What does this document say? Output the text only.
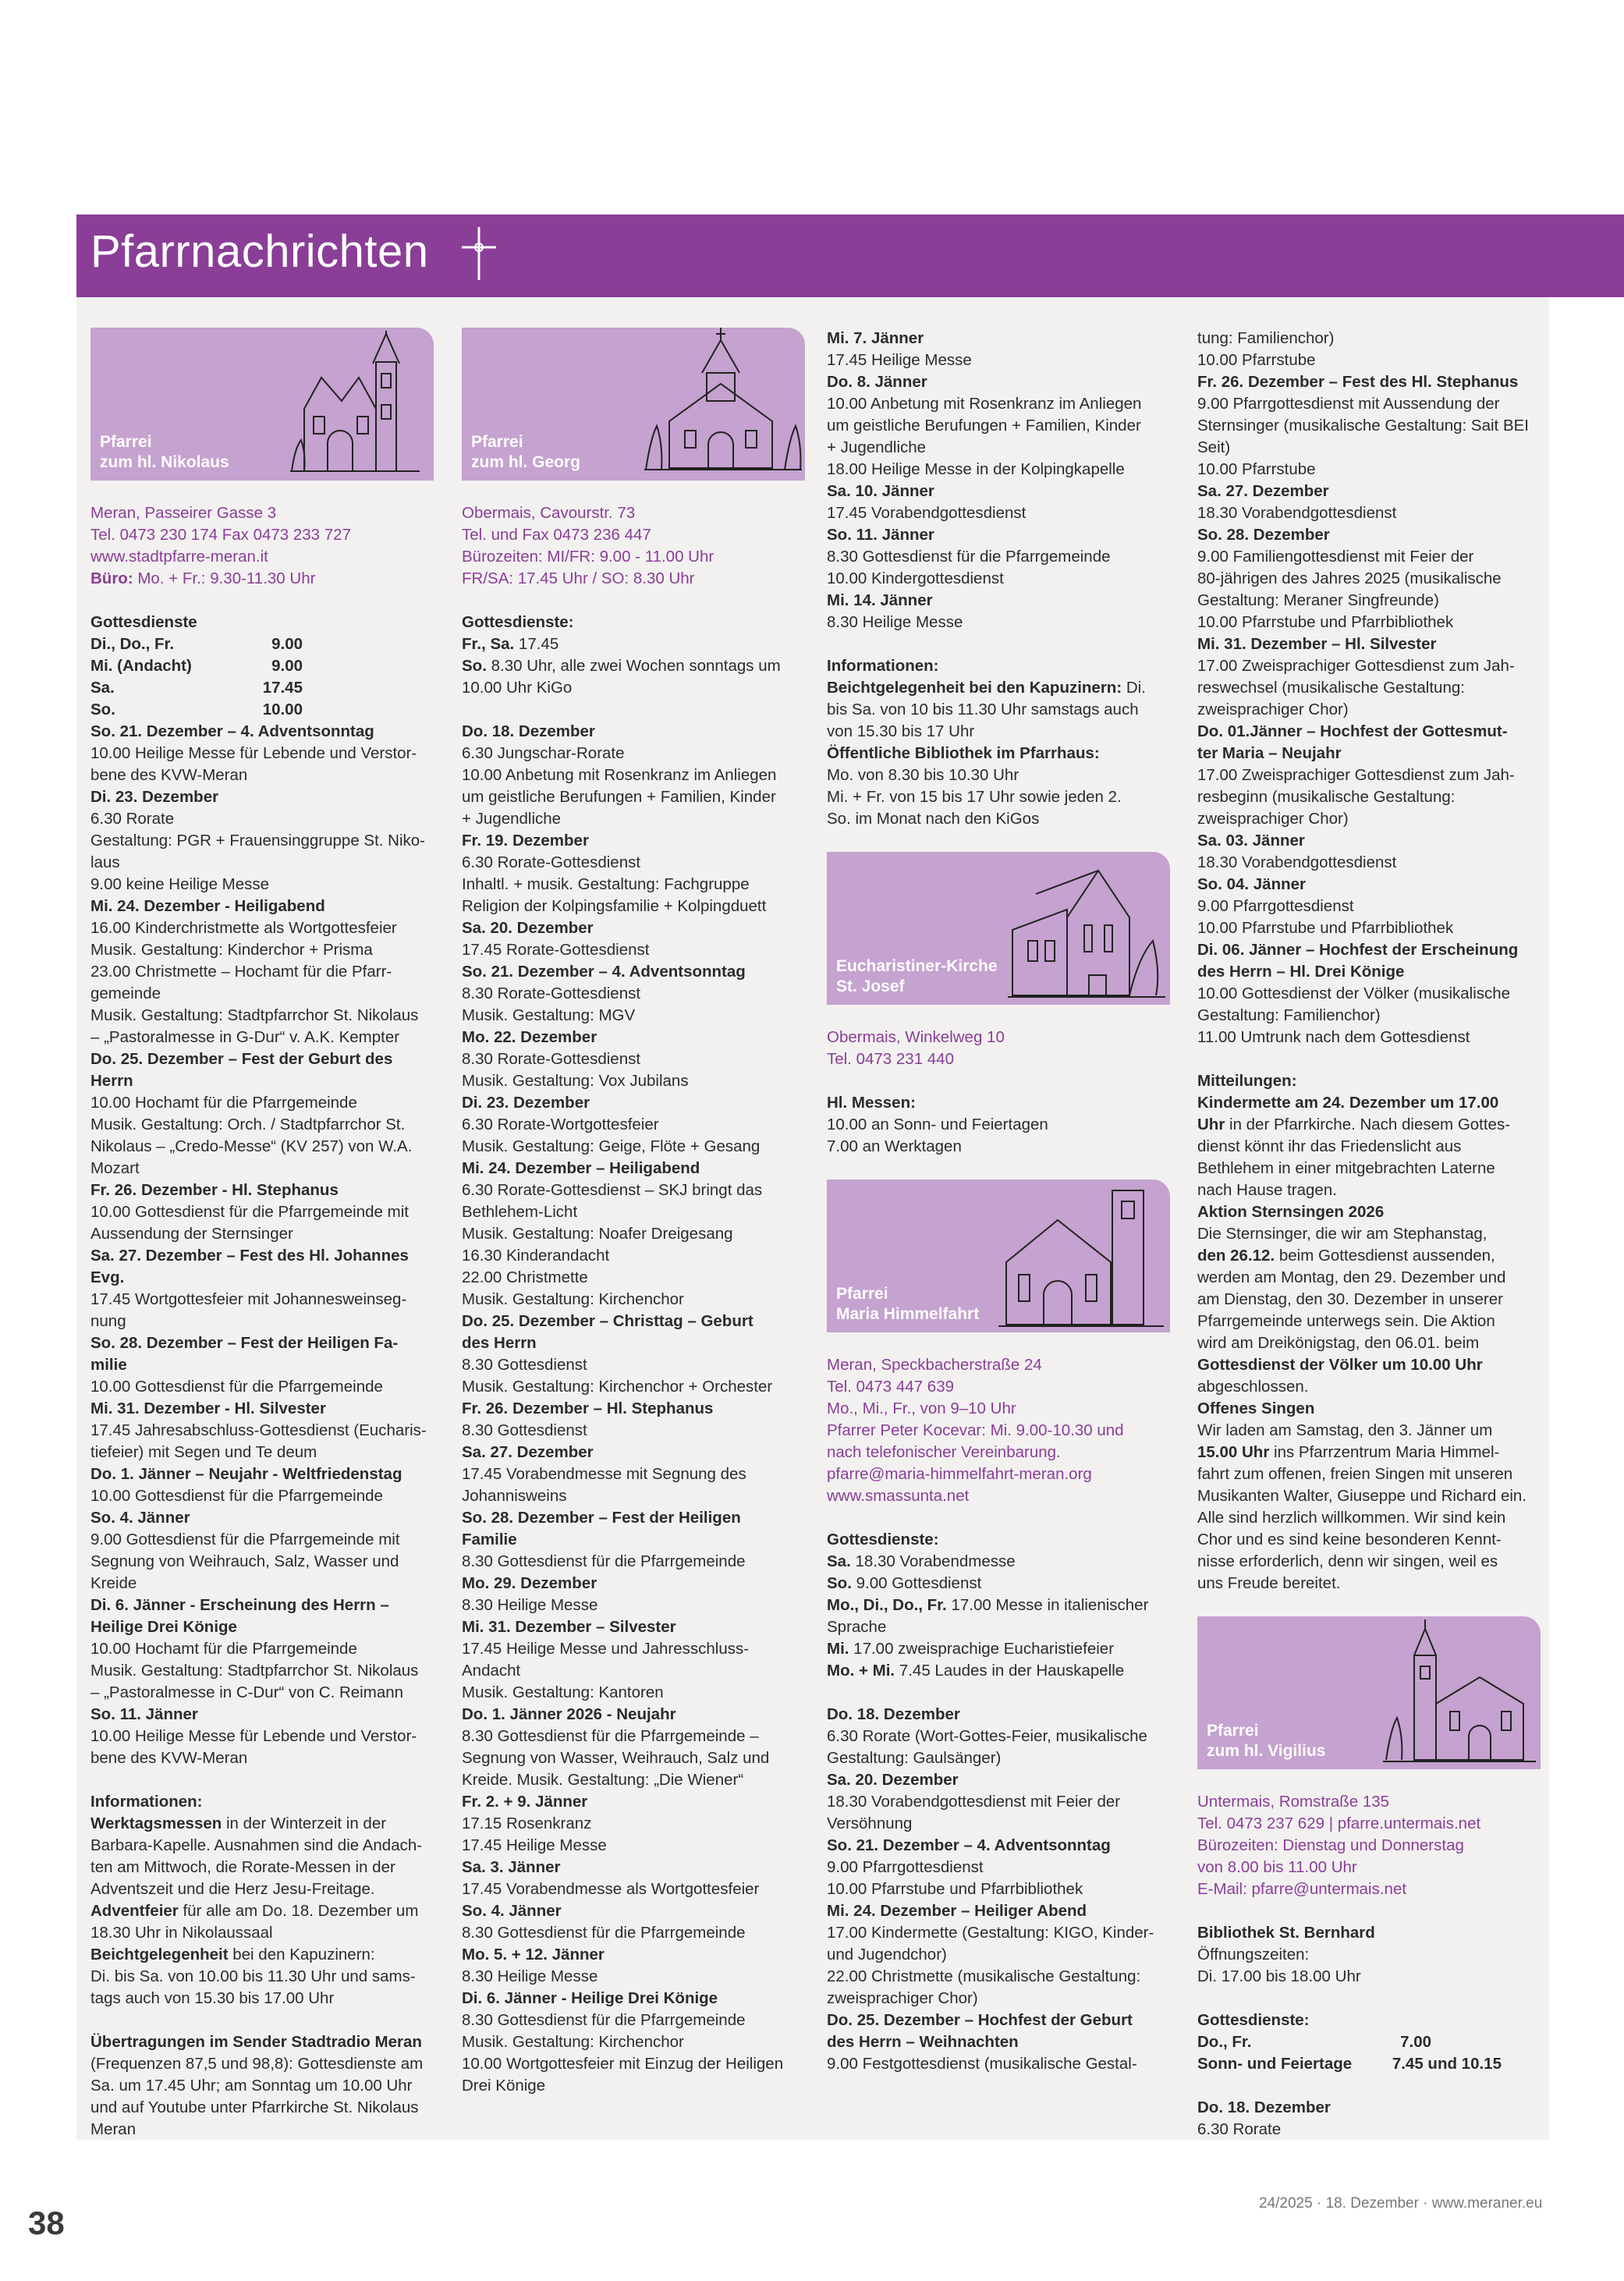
Pfarrnachrichten
Pfarrei
zum hl. Nikolaus

Meran, Passeirer Gasse 3

Tel. 0473 230 174 Fax 0473 233 727

www.stadtpfarre-meran.it

Büro: Mo. + Fr.: 9.30-11.30 Uhr

Gottesdienste

Di., Do., Fr.	9.00
Mi. (Andacht)	9.00
Sa.	17.45
So.	10.00

So. 21. Dezember – 4. Adventsonntag

10.00 Heilige Messe für Lebende und Verstor-

bene des KVW-Meran

Di. 23. Dezember

6.30 Rorate

Gestaltung: PGR + Frauensinggruppe St. Niko-

laus

9.00 keine Heilige Messe

Mi. 24. Dezember - Heiligabend

16.00 Kinderchristmette als Wortgottesfeier

Musik. Gestaltung: Kinderchor + Prisma

23.00 Christmette – Hochamt für die Pfarr-

gemeinde

Musik. Gestaltung: Stadtpfarrchor St. Nikolaus

– „Pastoralmesse in G-Dur“ v. A.K. Kempter

Do. 25. Dezember – Fest der Geburt des

Herrn

10.00 Hochamt für die Pfarrgemeinde

Musik. Gestaltung: Orch. / Stadtpfarrchor St.

Nikolaus – „Credo-Messe“ (KV 257) von W.A.

Mozart

Fr. 26. Dezember - Hl. Stephanus

10.00 Gottesdienst für die Pfarrgemeinde mit

Aussendung der Sternsinger

Sa. 27. Dezember – Fest des Hl. Johannes

Evg.

17.45 Wortgottesfeier mit Johannesweinseg-

nung

So. 28. Dezember – Fest der Heiligen Fa-

milie

10.00 Gottesdienst für die Pfarrgemeinde

Mi. 31. Dezember - Hl. Silvester

17.45 Jahresabschluss-Gottesdienst (Eucharis-

tiefeier) mit Segen und Te deum

Do. 1. Jänner – Neujahr - Weltfriedenstag

10.00 Gottesdienst für die Pfarrgemeinde

So. 4. Jänner

9.00 Gottesdienst für die Pfarrgemeinde mit

Segnung von Weihrauch, Salz, Wasser und

Kreide

Di. 6. Jänner - Erscheinung des Herrn –

Heilige Drei Könige

10.00 Hochamt für die Pfarrgemeinde

Musik. Gestaltung: Stadtpfarrchor St. Nikolaus

– „Pastoralmesse in C-Dur“ von C. Reimann

So. 11. Jänner

10.00 Heilige Messe für Lebende und Verstor-

bene des KVW-Meran

Informationen:

Werktagsmessen in der Winterzeit in der

Barbara-Kapelle. Ausnahmen sind die Andach-

ten am Mittwoch, die Rorate-Messen in der

Adventszeit und die Herz Jesu-Freitage.

Adventfeier für alle am Do. 18. Dezember um

18.30 Uhr in Nikolaussaal

Beichtgelegenheit bei den Kapuzinern:

Di. bis Sa. von 10.00 bis 11.30 Uhr und sams-

tags auch von 15.30 bis 17.00 Uhr

Übertragungen im Sender Stadtradio Meran

(Frequenzen 87,5 und 98,8): Gottesdienste am

Sa. um 17.45 Uhr; am Sonntag um 10.00 Uhr

und auf Youtube unter Pfarrkirche St. Nikolaus

Meran

Pfarrei
zum hl. Georg

Obermais, Cavourstr. 73

Tel. und Fax 0473 236 447

Bürozeiten: MI/FR: 9.00 - 11.00 Uhr

FR/SA: 17.45 Uhr / SO: 8.30 Uhr

Gottesdienste:

Fr., Sa. 17.45

So. 8.30 Uhr, alle zwei Wochen sonntags um

10.00 Uhr KiGo

Do. 18. Dezember

6.30 Jungschar-Rorate

10.00 Anbetung mit Rosenkranz im Anliegen

um geistliche Berufungen + Familien, Kinder

+ Jugendliche

Fr. 19. Dezember

6.30 Rorate-Gottesdienst

Inhaltl. + musik. Gestaltung: Fachgruppe

Religion der Kolpingsfamilie + Kolpingduett

Sa. 20. Dezember

17.45 Rorate-Gottesdienst

So. 21. Dezember – 4. Adventsonntag

8.30 Rorate-Gottesdienst

Musik. Gestaltung: MGV

Mo. 22. Dezember

8.30 Rorate-Gottesdienst

Musik. Gestaltung: Vox Jubilans

Di. 23. Dezember

6.30 Rorate-Wortgottesfeier

Musik. Gestaltung: Geige, Flöte + Gesang

Mi. 24. Dezember – Heiligabend

6.30 Rorate-Gottesdienst – SKJ bringt das

Bethlehem-Licht

Musik. Gestaltung: Noafer Dreigesang

16.30 Kinderandacht

22.00 Christmette

Musik. Gestaltung: Kirchenchor

Do. 25. Dezember – Christtag – Geburt

des Herrn

8.30 Gottesdienst

Musik. Gestaltung: Kirchenchor + Orchester

Fr. 26. Dezember – Hl. Stephanus

8.30 Gottesdienst

Sa. 27. Dezember

17.45 Vorabendmesse mit Segnung des

Johannisweins

So. 28. Dezember – Fest der Heiligen

Familie

8.30 Gottesdienst für die Pfarrgemeinde

Mo. 29. Dezember

8.30 Heilige Messe

Mi. 31. Dezember – Silvester

17.45 Heilige Messe und Jahresschluss-

Andacht

Musik. Gestaltung: Kantoren

Do. 1. Jänner 2026 - Neujahr

8.30 Gottesdienst für die Pfarrgemeinde –

Segnung von Wasser, Weihrauch, Salz und

Kreide. Musik. Gestaltung: „Die Wiener“

Fr. 2. + 9. Jänner

17.15 Rosenkranz

17.45 Heilige Messe

Sa. 3. Jänner

17.45 Vorabendmesse als Wortgottesfeier

So. 4. Jänner

8.30 Gottesdienst für die Pfarrgemeinde

Mo. 5. + 12. Jänner

8.30 Heilige Messe

Di. 6. Jänner - Heilige Drei Könige

8.30 Gottesdienst für die Pfarrgemeinde

Musik. Gestaltung: Kirchenchor

10.00 Wortgottesfeier mit Einzug der Heiligen

Drei Könige

Mi. 7. Jänner

17.45 Heilige Messe

Do. 8. Jänner

10.00 Anbetung mit Rosenkranz im Anliegen

um geistliche Berufungen + Familien, Kinder

+ Jugendliche

18.00 Heilige Messe in der Kolpingkapelle

Sa. 10. Jänner

17.45 Vorabendgottesdienst

So. 11. Jänner

8.30 Gottesdienst für die Pfarrgemeinde

10.00 Kindergottesdienst

Mi. 14. Jänner

8.30 Heilige Messe

Informationen:

Beichtgelegenheit bei den Kapuzinern: Di.

bis Sa. von 10 bis 11.30 Uhr samstags auch

von 15.30 bis 17 Uhr

Öffentliche Bibliothek im Pfarrhaus:

Mo. von 8.30 bis 10.30 Uhr

Mi. + Fr. von 15 bis 17 Uhr sowie jeden 2.

So. im Monat nach den KiGos

Eucharistiner-Kirche
St. Josef

Obermais, Winkelweg 10

Tel. 0473 231 440

Hl. Messen:

10.00 an Sonn- und Feiertagen

7.00 an Werktagen

Pfarrei
Maria Himmelfahrt

Meran, Speckbacherstraße 24

Tel. 0473 447 639

Mo., Mi., Fr., von 9–10 Uhr

Pfarrer Peter Kocevar: Mi. 9.00-10.30 und

nach telefonischer Vereinbarung.

pfarre@maria-himmelfahrt-meran.org

www.smassunta.net

Gottesdienste:

Sa. 18.30 Vorabendmesse

So. 9.00 Gottesdienst

Mo., Di., Do., Fr. 17.00 Messe in italienischer

Sprache

Mi. 17.00 zweisprachige Eucharistiefeier

Mo. + Mi. 7.45 Laudes in der Hauskapelle

Do. 18. Dezember

6.30 Rorate (Wort-Gottes-Feier, musikalische

Gestaltung: Gaulsänger)

Sa. 20. Dezember

18.30 Vorabendgottesdienst mit Feier der

Versöhnung

So. 21. Dezember – 4. Adventsonntag

9.00 Pfarrgottesdienst

10.00 Pfarrstube und Pfarrbibliothek

Mi. 24. Dezember – Heiliger Abend

17.00 Kindermette (Gestaltung: KIGO, Kinder-

und Jugendchor)

22.00 Christmette (musikalische Gestaltung:

zweisprachiger Chor)

Do. 25. Dezember – Hochfest der Geburt

des Herrn – Weihnachten

9.00 Festgottesdienst (musikalische Gestal-

tung: Familienchor)

10.00 Pfarrstube

Fr. 26. Dezember – Fest des Hl. Stephanus

9.00 Pfarrgottesdienst mit Aussendung der

Sternsinger (musikalische Gestaltung: Sait BEI

Seit)

10.00 Pfarrstube

Sa. 27. Dezember

18.30 Vorabendgottesdienst

So. 28. Dezember

9.00 Familiengottesdienst mit Feier der

80-jährigen des Jahres 2025 (musikalische

Gestaltung: Meraner Singfreunde)

10.00 Pfarrstube und Pfarrbibliothek

Mi. 31. Dezember – Hl. Silvester

17.00 Zweisprachiger Gottesdienst zum Jah-

reswechsel (musikalische Gestaltung:

zweisprachiger Chor)

Do. 01.Jänner – Hochfest der Gottesmut-

ter Maria – Neujahr

17.00 Zweisprachiger Gottesdienst zum Jah-

resbeginn (musikalische Gestaltung:

zweisprachiger Chor)

Sa. 03. Jänner

18.30 Vorabendgottesdienst

So. 04. Jänner

9.00 Pfarrgottesdienst

10.00 Pfarrstube und Pfarrbibliothek

Di. 06. Jänner – Hochfest der Erscheinung

des Herrn – Hl. Drei Könige

10.00 Gottesdienst der Völker (musikalische

Gestaltung: Familienchor)

11.00 Umtrunk nach dem Gottesdienst

Mitteilungen:

Kindermette am 24. Dezember um 17.00

Uhr in der Pfarrkirche. Nach diesem Gottes-

dienst könnt ihr das Friedenslicht aus

Bethlehem in einer mitgebrachten Laterne

nach Hause tragen.

Aktion Sternsingen 2026

Die Sternsinger, die wir am Stephanstag,

den 26.12. beim Gottesdienst aussenden,

werden am Montag, den 29. Dezember und

am Dienstag, den 30. Dezember in unserer

Pfarrgemeinde unterwegs sein. Die Aktion

wird am Dreikönigstag, den 06.01. beim

Gottesdienst der Völker um 10.00 Uhr

abgeschlossen.

Offenes Singen

Wir laden am Samstag, den 3. Jänner um

15.00 Uhr ins Pfarrzentrum Maria Himmel-

fahrt zum offenen, freien Singen mit unseren

Musikanten Walter, Giuseppe und Richard ein.

Alle sind herzlich willkommen. Wir sind kein

Chor und es sind keine besonderen Kennt-

nisse erforderlich, denn wir singen, weil es

uns Freude bereitet.

Pfarrei
zum hl. Vigilius

Untermais, Romstraße 135

Tel. 0473 237 629 | pfarre.untermais.net

Bürozeiten: Dienstag und Donnerstag

von 8.00 bis 11.00 Uhr

E-Mail: pfarre@untermais.net

Bibliothek St. Bernhard

Öffnungszeiten:

Di. 17.00 bis 18.00 Uhr

Gottesdienste:

Do., Fr.	7.00
Sonn- und Feiertage	7.45 und 10.15

Do. 18. Dezember

6.30 Rorate

38
24/2025 · 18. Dezember · www.meraner.eu
